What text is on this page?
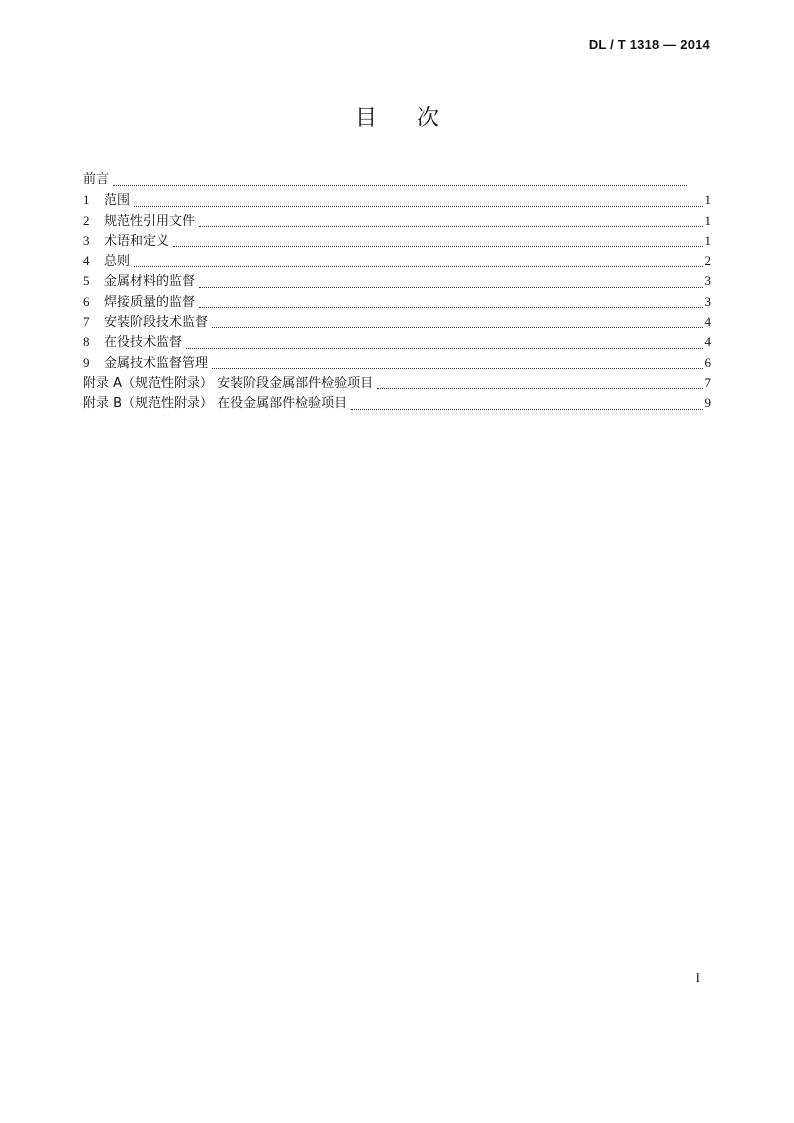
DL / T 1318 — 2014
目 次
前言
1	范围	1
2	规范性引用文件	1
3	术语和定义	1
4	总则	2
5	金属材料的监督	3
6	焊接质量的监督	3
7	安装阶段技术监督	4
8	在役技术监督	4
9	金属技术监督管理	6
附录 A（规范性附录） 安装阶段金属部件检验项目	7
附录 B（规范性附录） 在役金属部件检验项目	9
I
